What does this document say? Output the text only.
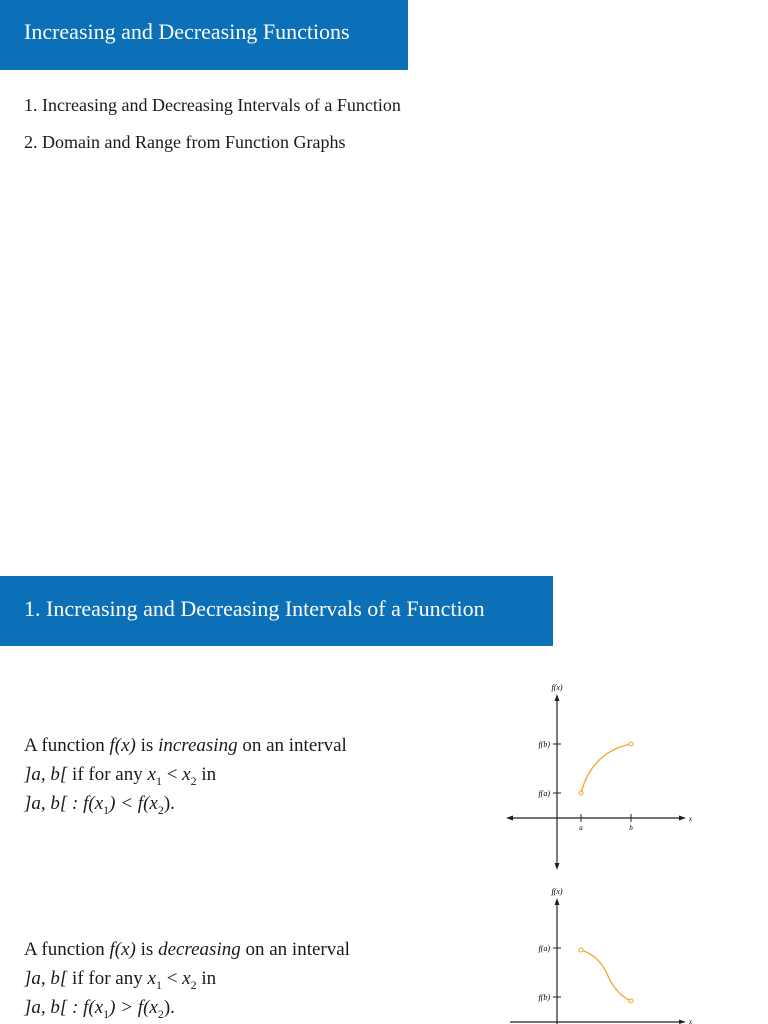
Increasing and Decreasing Functions
1. Increasing and Decreasing Intervals of a Function
2. Domain and Range from Function Graphs
1. Increasing and Decreasing Intervals of a Function
A function f(x) is increasing on an interval
]a, b[ if for any $x_1 < x_2$ in
]a, b[ : $f(x_1) < f(x_2)$.
f(x)
f(b)
f(a)
a	b
x
A function f(x) is decreasing on an interval
]a, b[ if for any $x_1 < x_2$ in
]a, b[ : $f(x_1) > f(x_2)$.
f(x)
f(a)
f(b)
x
